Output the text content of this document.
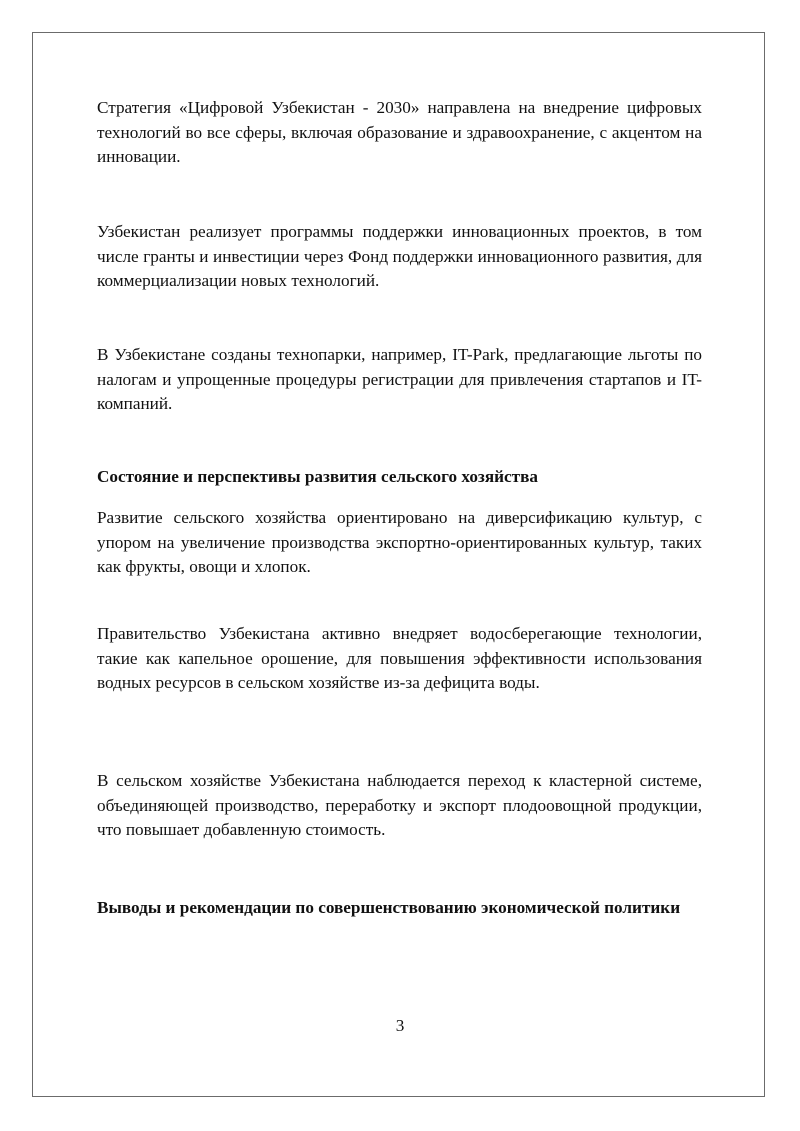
Стратегия «Цифровой Узбекистан - 2030» направлена на внедрение цифровых технологий во все сферы, включая образование и здравоохранение, с акцентом на инновации.

Узбекистан реализует программы поддержки инновационных проектов, в том числе гранты и инвестиции через Фонд поддержки инновационного развития, для коммерциализации новых технологий.

В Узбекистане созданы технопарки, например, IT-Park, предлагающие льготы по налогам и упрощенные процедуры регистрации для привлечения стартапов и IT-компаний.

Состояние и перспективы развития сельского хозяйства

Развитие сельского хозяйства ориентировано на диверсификацию культур, с упором на увеличение производства экспортно-ориентированных культур, таких как фрукты, овощи и хлопок.

Правительство Узбекистана активно внедряет водосберегающие технологии, такие как капельное орошение, для повышения эффективности использования водных ресурсов в сельском хозяйстве из-за дефицита воды.

В сельском хозяйстве Узбекистана наблюдается переход к кластерной системе, объединяющей производство, переработку и экспорт плодоовощной продукции, что повышает добавленную стоимость.

Выводы и рекомендации по совершенствованию экономической политики
3
